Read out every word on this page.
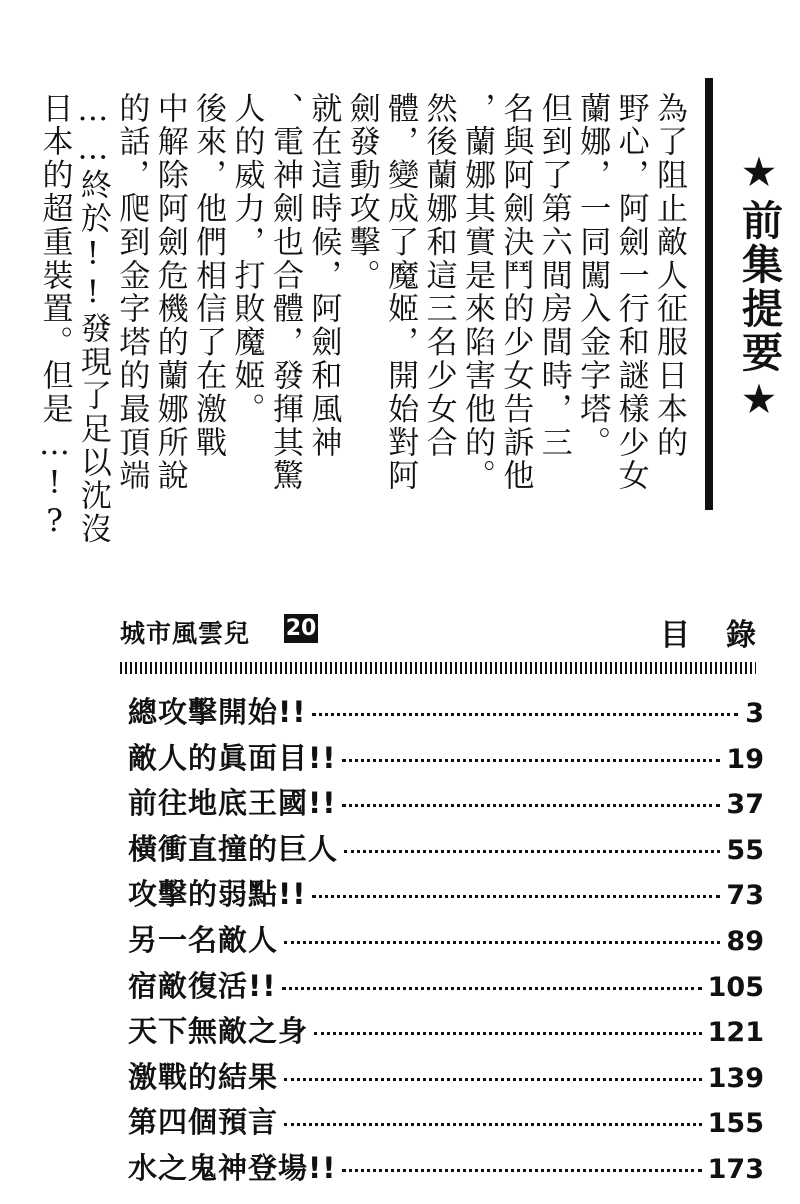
★前集提要★
為了阻止敵人征服日本的
野心，阿劍一行和謎樣少女
蘭娜，一同闖入金字塔。
但到了第六間房間時，三
名與阿劍決鬥的少女告訴他
，蘭娜其實是來陷害他的。
然後蘭娜和這三名少女合
體，變成了魔姬，開始對阿
劍發動攻擊。
就在這時候，阿劍和風神
、電神劍也合體，發揮其驚
人的威力，打敗魔姬。
後來，他們相信了在激戰
中解除阿劍危機的蘭娜所說
的話，爬到金字塔的最頂端
……終於!!發現了足以沈沒
日本的超重裝置。但是…!?
城市風雲兒 20	目錄
總攻擊開始!!	3
敵人的眞面目!!	19
前往地底王國!!	37
橫衝直撞的巨人	55
攻擊的弱點!!	73
另一名敵人	89
宿敵復活!!	105
天下無敵之身	121
激戰的結果	139
第四個預言	155
水之鬼神登場!!	173
